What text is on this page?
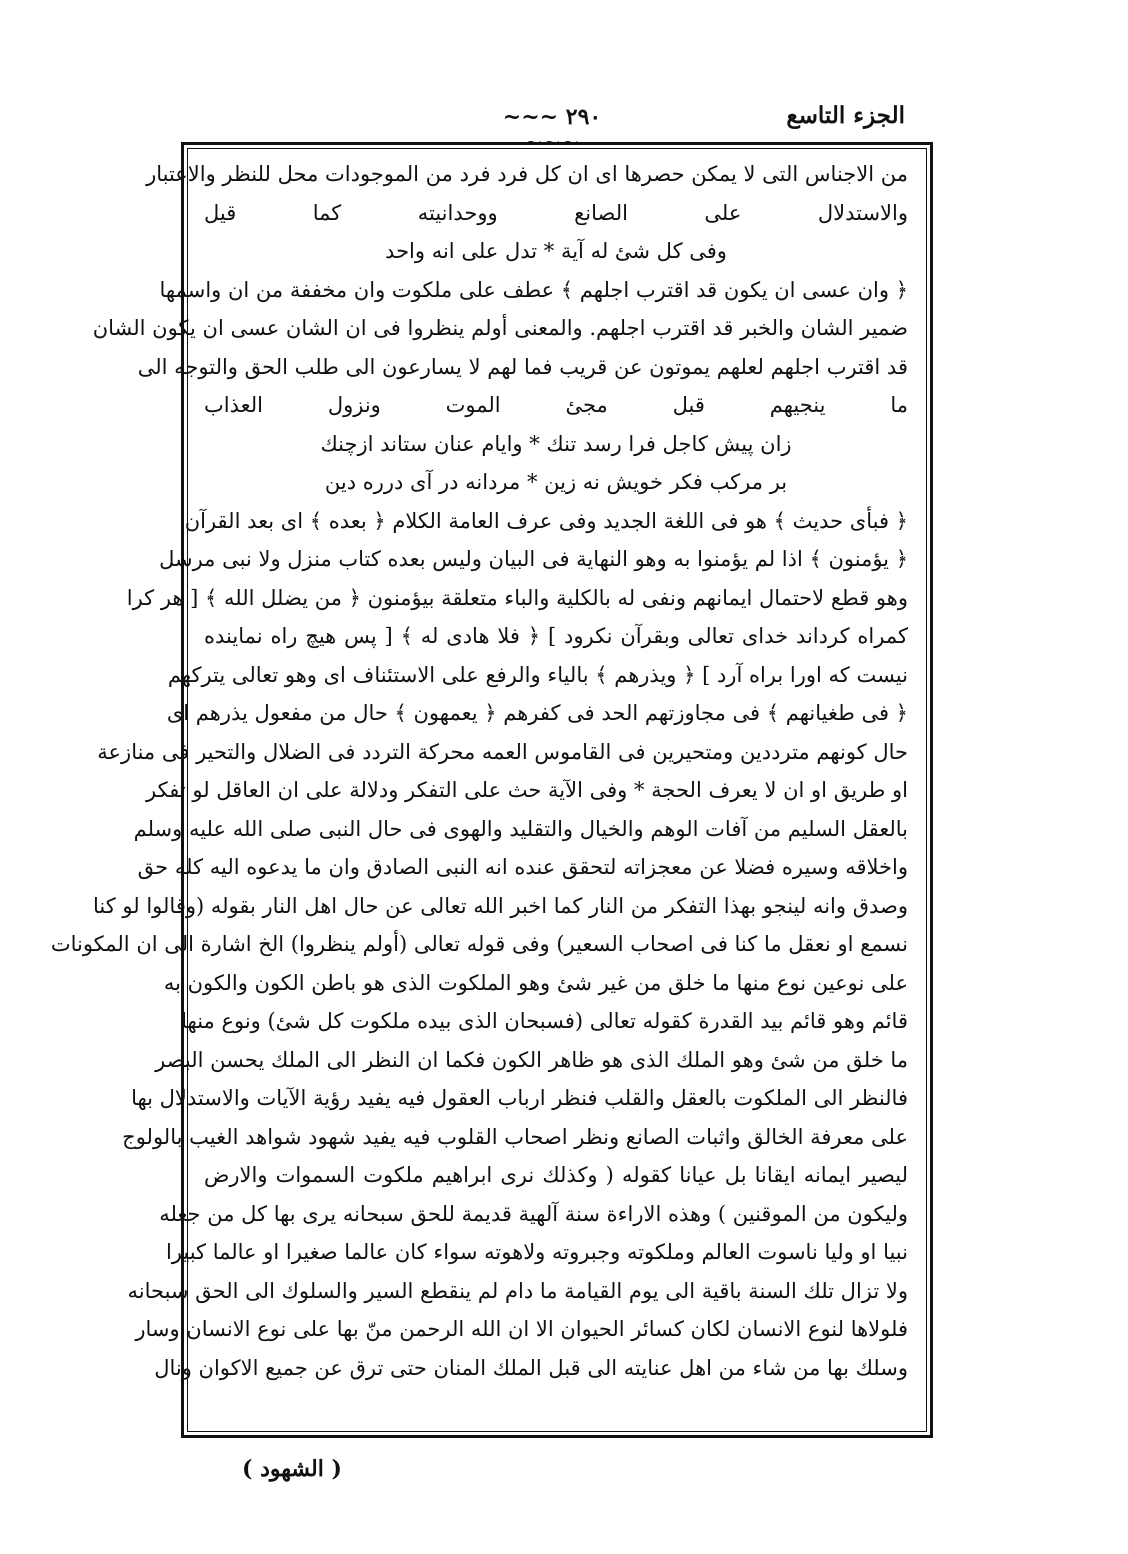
الجزء التاسع
~~~ ٢٩٠ ~~~
من الاجناس التى لا يمكن حصرها اى ان كل فرد فرد من الموجودات محل للنظر والاعتبار
والاستدلال على الصانع ووحدانيته كما قيل
وفى كل شئ له آية * تدل على انه واحد
﴿ وان عسى ان يكون قد اقترب اجلهم ﴾ عطف على ملكوت وان مخففة من ان واسمها
ضمير الشان والخبر قد اقترب اجلهم. والمعنى أولم ينظروا فى ان الشان عسى ان يكون الشان
قد اقترب اجلهم لعلهم يموتون عن قريب فما لهم لا يسارعون الى طلب الحق والتوجه الى
ما ينجيهم قبل مجئ الموت ونزول العذاب
زان پيش كاجل فرا رسد تنك * وايام عنان ستاند ازچنك
بر مركب فكر خويش نه زين * مردانه در آى درره دين
﴿ فبأى حديث ﴾ هو فى اللغة الجديد وفى عرف العامة الكلام ﴿ بعده ﴾ اى بعد القرآن
﴿ يؤمنون ﴾ اذا لم يؤمنوا به وهو النهاية فى البيان وليس بعده كتاب منزل ولا نبى مرسل
وهو قطع لاحتمال ايمانهم ونفى له بالكلية والباء متعلقة بيؤمنون ﴿ من يضلل الله ﴾ [ هر كرا
كمراه كرداند خداى تعالى وبقرآن نكرود ] ﴿ فلا هادى له ﴾ [ پس هيچ راه نماينده
نيست كه اورا براه آرد ] ﴿ ويذرهم ﴾ بالياء والرفع على الاستئناف اى وهو تعالى يتركهم
﴿ فى طغيانهم ﴾ فى مجاوزتهم الحد فى كفرهم ﴿ يعمهون ﴾ حال من مفعول يذرهم اى
حال كونهم مترددين ومتحيرين فى القاموس العمه محركة التردد فى الضلال والتحير فى منازعة
او طريق او ان لا يعرف الحجة * وفى الآية حث على التفكر ودلالة على ان العاقل لو تفكر
بالعقل السليم من آفات الوهم والخيال والتقليد والهوى فى حال النبى صلى الله عليه وسلم
واخلاقه وسيره فضلا عن معجزاته لتحقق عنده انه النبى الصادق وان ما يدعوه اليه كله حق
وصدق وانه لينجو بهذا التفكر من النار كما اخبر الله تعالى عن حال اهل النار بقوله (وقالوا لو كنا
نسمع او نعقل ما كنا فى اصحاب السعير) وفى قوله تعالى (أولم ينظروا) الخ اشارة الى ان المكونات
على نوعين نوع منها ما خلق من غير شئ وهو الملكوت الذى هو باطن الكون والكون به
قائم وهو قائم بيد القدرة كقوله تعالى (فسبحان الذى بيده ملكوت كل شئ) ونوع منها
ما خلق من شئ وهو الملك الذى هو ظاهر الكون فكما ان النظر الى الملك يحسن البصر
فالنظر الى الملكوت بالعقل والقلب فنظر ارباب العقول فيه يفيد رؤية الآيات والاستدلال بها
على معرفة الخالق واثبات الصانع ونظر اصحاب القلوب فيه يفيد شهود شواهد الغيب بالولوج
ليصير ايمانه ايقانا بل عيانا كقوله ( وكذلك نرى ابراهيم ملكوت السموات والارض
وليكون من الموقنين ) وهذه الاراءة سنة آلهية قديمة للحق سبحانه يرى بها كل من جعله
نبيا او وليا ناسوت العالم وملكوته وجبروته ولاهوته سواء كان عالما صغيرا او عالما كبيرا
ولا تزال تلك السنة باقية الى يوم القيامة ما دام لم ينقطع السير والسلوك الى الحق سبحانه
فلولاها لنوع الانسان لكان كسائر الحيوان الا ان الله الرحمن منّ بها على نوع الانسان وسار
وسلك بها من شاء من اهل عنايته الى قبل الملك المنان حتى ترق عن جميع الاكوان ونال
( الشهود )
